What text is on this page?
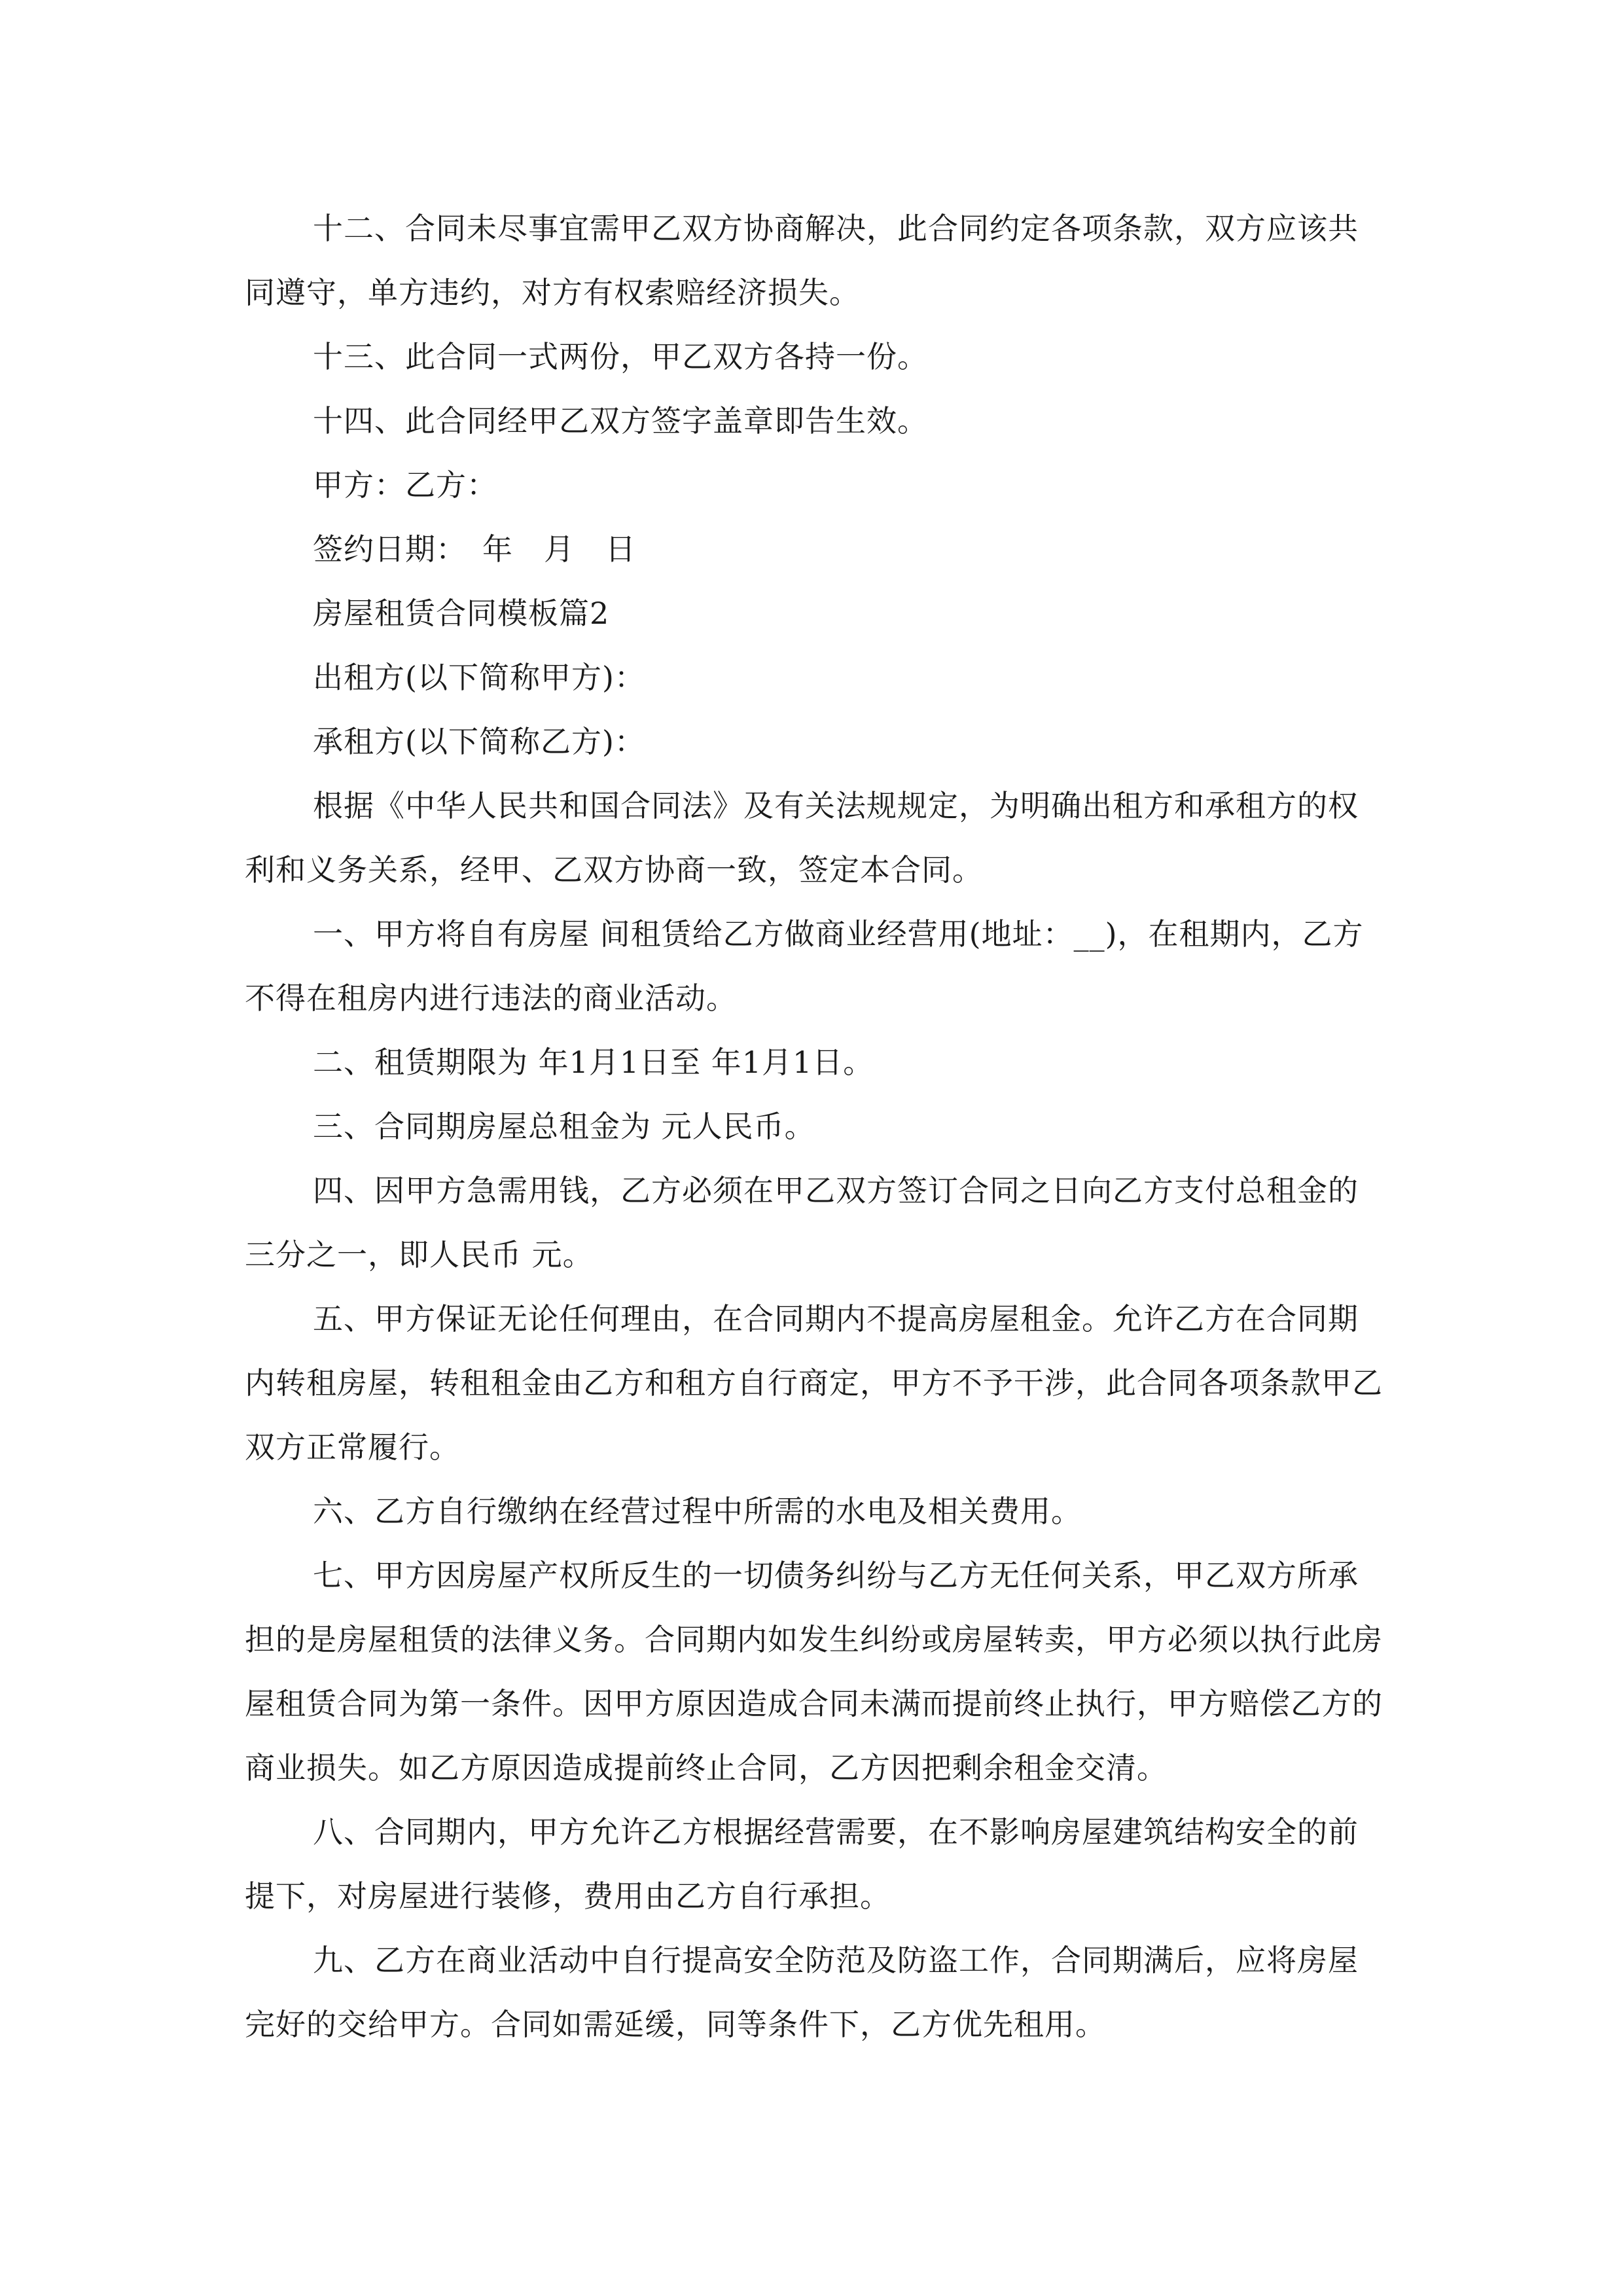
十二、合同未尽事宜需甲乙双方协商解决，此合同约定各项条款，双方应该共同遵守，单方违约，对方有权索赔经济损失。

十三、此合同一式两份，甲乙双方各持一份。

十四、此合同经甲乙双方签字盖章即告生效。

甲方：乙方：

签约日期：　年　月　日

房屋租赁合同模板篇2

出租方(以下简称甲方)：

承租方(以下简称乙方)：

根据《中华人民共和国合同法》及有关法规规定，为明确出租方和承租方的权利和义务关系，经甲、乙双方协商一致，签定本合同。

一、甲方将自有房屋 间租赁给乙方做商业经营用(地址：__)，在租期内，乙方不得在租房内进行违法的商业活动。

二、租赁期限为 年1月1日至 年1月1日。

三、合同期房屋总租金为 元人民币。

四、因甲方急需用钱，乙方必须在甲乙双方签订合同之日向乙方支付总租金的三分之一，即人民币 元。

五、甲方保证无论任何理由，在合同期内不提高房屋租金。允许乙方在合同期内转租房屋，转租租金由乙方和租方自行商定，甲方不予干涉，此合同各项条款甲乙双方正常履行。

六、乙方自行缴纳在经营过程中所需的水电及相关费用。

七、甲方因房屋产权所反生的一切债务纠纷与乙方无任何关系，甲乙双方所承担的是房屋租赁的法律义务。合同期内如发生纠纷或房屋转卖，甲方必须以执行此房屋租赁合同为第一条件。因甲方原因造成合同未满而提前终止执行，甲方赔偿乙方的商业损失。如乙方原因造成提前终止合同，乙方因把剩余租金交清。

八、合同期内，甲方允许乙方根据经营需要，在不影响房屋建筑结构安全的前提下，对房屋进行装修，费用由乙方自行承担。

九、乙方在商业活动中自行提高安全防范及防盗工作，合同期满后，应将房屋完好的交给甲方。合同如需延缓，同等条件下，乙方优先租用。
